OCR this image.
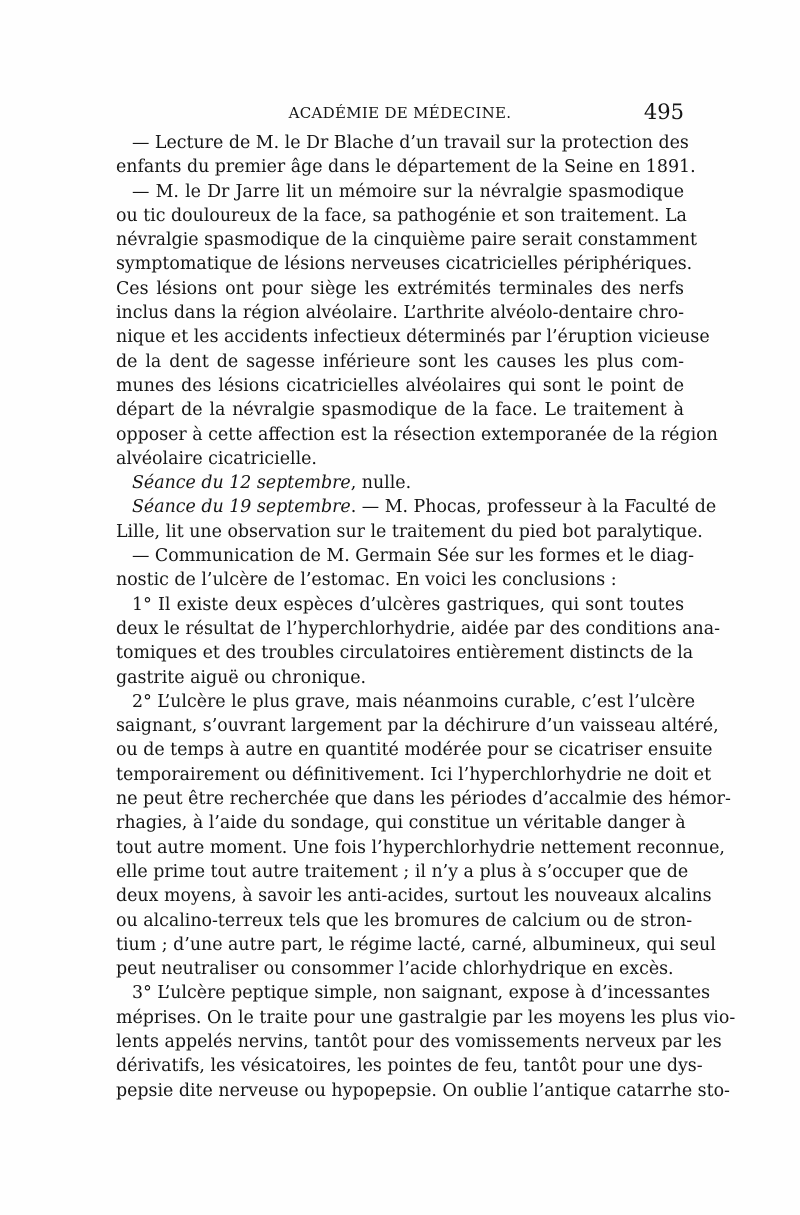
ACADÉMIE DE MÉDECINE.	495
— Lecture de M. le Dr Blache d’un travail sur la protection des
enfants du premier âge dans le département de la Seine en 1891.
— M. le Dr Jarre lit un mémoire sur la névralgie spasmodique
ou tic douloureux de la face, sa pathogénie et son traitement. La
névralgie spasmodique de la cinquième paire serait constamment
symptomatique de lésions nerveuses cicatricielles périphériques.
Ces lésions ont pour siège les extrémités terminales des nerfs
inclus dans la région alvéolaire. L’arthrite alvéolo-dentaire chro-
nique et les accidents infectieux déterminés par l’éruption vicieuse
de la dent de sagesse inférieure sont les causes les plus com-
munes des lésions cicatricielles alvéolaires qui sont le point de
départ de la névralgie spasmodique de la face. Le traitement à
opposer à cette affection est la résection extemporanée de la région
alvéolaire cicatricielle.
Séance du 12 septembre, nulle.
Séance du 19 septembre. — M. Phocas, professeur à la Faculté de
Lille, lit une observation sur le traitement du pied bot paralytique.
— Communication de M. Germain Sée sur les formes et le diag-
nostic de l’ulcère de l’estomac. En voici les conclusions :
1° Il existe deux espèces d’ulcères gastriques, qui sont toutes
deux le résultat de l’hyperchlorhydrie, aidée par des conditions ana-
tomiques et des troubles circulatoires entièrement distincts de la
gastrite aiguë ou chronique.
2° L’ulcère le plus grave, mais néanmoins curable, c’est l’ulcère
saignant, s’ouvrant largement par la déchirure d’un vaisseau altéré,
ou de temps à autre en quantité modérée pour se cicatriser ensuite
temporairement ou définitivement. Ici l’hyperchlorhydrie ne doit et
ne peut être recherchée que dans les périodes d’accalmie des hémor-
rhagies, à l’aide du sondage, qui constitue un véritable danger à
tout autre moment. Une fois l’hyperchlorhydrie nettement reconnue,
elle prime tout autre traitement ; il n’y a plus à s’occuper que de
deux moyens, à savoir les anti-acides, surtout les nouveaux alcalins
ou alcalino-terreux tels que les bromures de calcium ou de stron-
tium ; d’une autre part, le régime lacté, carné, albumineux, qui seul
peut neutraliser ou consommer l’acide chlorhydrique en excès.
3° L’ulcère peptique simple, non saignant, expose à d’incessantes
méprises. On le traite pour une gastralgie par les moyens les plus vio-
lents appelés nervins, tantôt pour des vomissements nerveux par les
dérivatifs, les vésicatoires, les pointes de feu, tantôt pour une dys-
pepsie dite nerveuse ou hypopepsie. On oublie l’antique catarrhe sto-
